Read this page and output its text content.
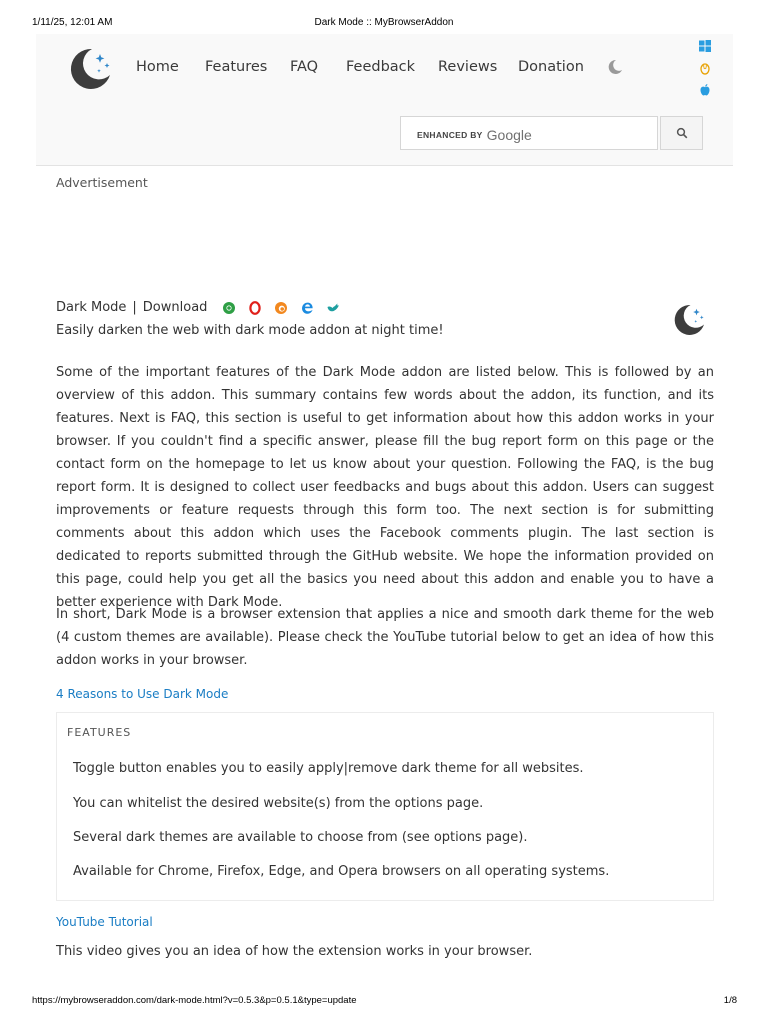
1/11/25, 12:01 AM	Dark Mode :: MyBrowserAddon
Home Features FAQ Feedback Reviews Donation
ENHANCED BY Google
Advertisement
Dark Mode | Download
Easily darken the web with dark mode addon at night time!

Some of the important features of the Dark Mode addon are listed below. This is followed by an overview of this addon. This summary contains few words about the addon, its function, and its features. Next is FAQ, this section is useful to get information about how this addon works in your browser. If you couldn't find a specific answer, please fill the bug report form on this page or the contact form on the homepage to let us know about your question. Following the FAQ, is the bug report form. It is designed to collect user feedbacks and bugs about this addon. Users can suggest improvements or feature requests through this form too. The next section is for submitting comments about this addon which uses the Facebook comments plugin. The last section is dedicated to reports submitted through the GitHub website. We hope the information provided on this page, could help you get all the basics you need about this addon and enable you to have a better experience with Dark Mode.

In short, Dark Mode is a browser extension that applies a nice and smooth dark theme for the web (4 custom themes are available). Please check the YouTube tutorial below to get an idea of how this addon works in your browser.

4 Reasons to Use Dark Mode
FEATURES
Toggle button enables you to easily apply|remove dark theme for all websites.
You can whitelist the desired website(s) from the options page.
Several dark themes are available to choose from (see options page).
Available for Chrome, Firefox, Edge, and Opera browsers on all operating systems.
YouTube Tutorial
This video gives you an idea of how the extension works in your browser.
https://mybrowseraddon.com/dark-mode.html?v=0.5.3&p=0.5.1&type=update	1/8
